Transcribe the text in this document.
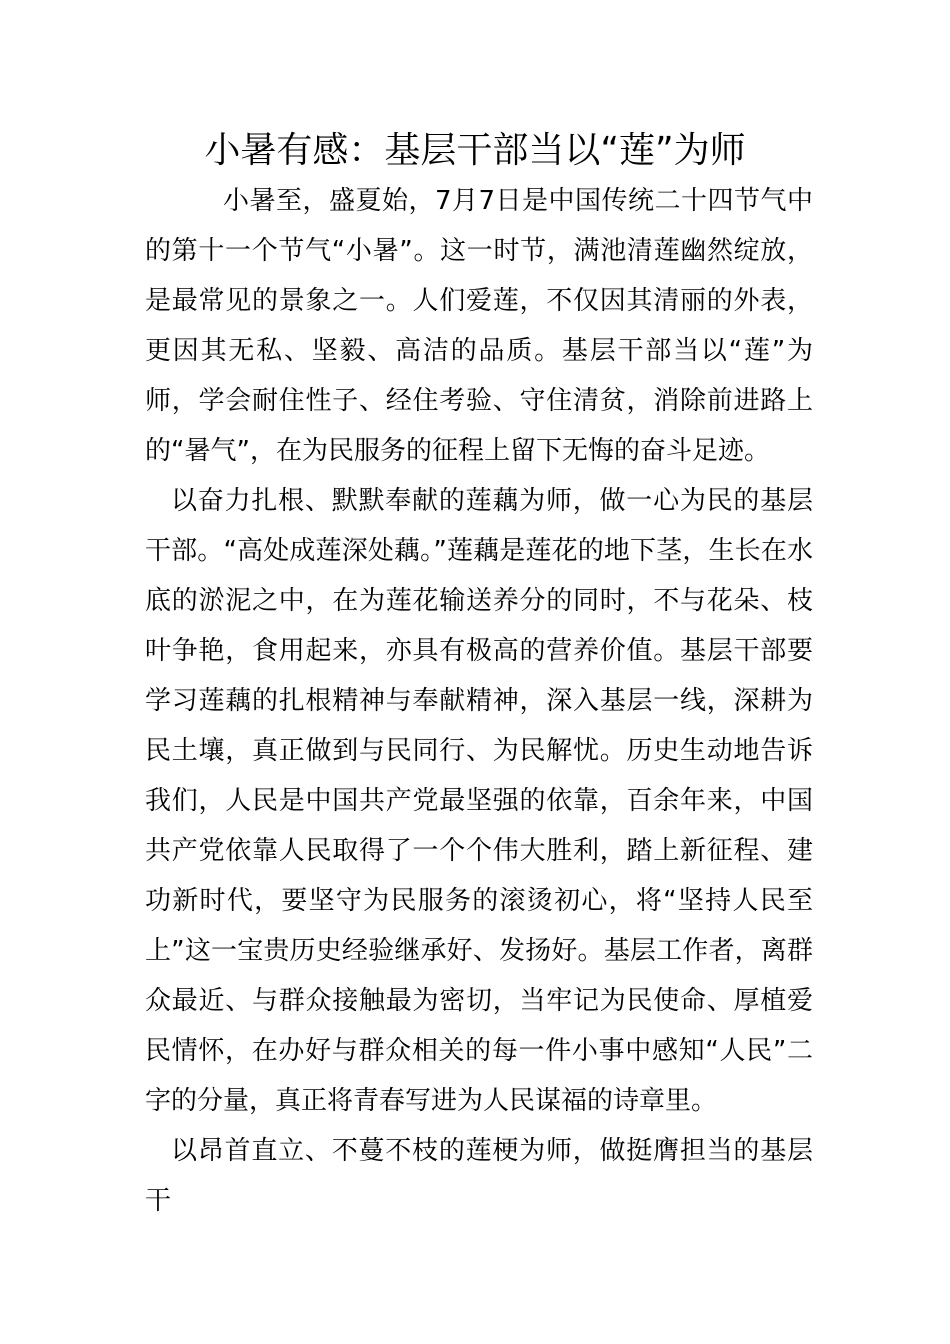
小暑有感：基层干部当以“莲”为师

小暑至，盛夏始，7月7日是中国传统二十四节气中的第十一个节气“小暑”。这一时节，满池清莲幽然绽放，是最常见的景象之一。人们爱莲，不仅因其清丽的外表，更因其无私、坚毅、高洁的品质。基层干部当以“莲”为师，学会耐住性子、经住考验、守住清贫，消除前进路上的“暑气”，在为民服务的征程上留下无悔的奋斗足迹。

以奋力扎根、默默奉献的莲藕为师，做一心为民的基层干部。“高处成莲深处藕。”莲藕是莲花的地下茎，生长在水底的淤泥之中，在为莲花输送养分的同时，不与花朵、枝叶争艳，食用起来，亦具有极高的营养价值。基层干部要学习莲藕的扎根精神与奉献精神，深入基层一线，深耕为民土壤，真正做到与民同行、为民解忧。历史生动地告诉我们，人民是中国共产党最坚强的依靠，百余年来，中国共产党依靠人民取得了一个个伟大胜利，踏上新征程、建功新时代，要坚守为民服务的滚烫初心，将“坚持人民至上”这一宝贵历史经验继承好、发扬好。基层工作者，离群众最近、与群众接触最为密切，当牢记为民使命、厚植爱民情怀，在办好与群众相关的每一件小事中感知“人民”二字的分量，真正将青春写进为人民谋福的诗章里。

以昂首直立、不蔓不枝的莲梗为师，做挺膺担当的基层干
